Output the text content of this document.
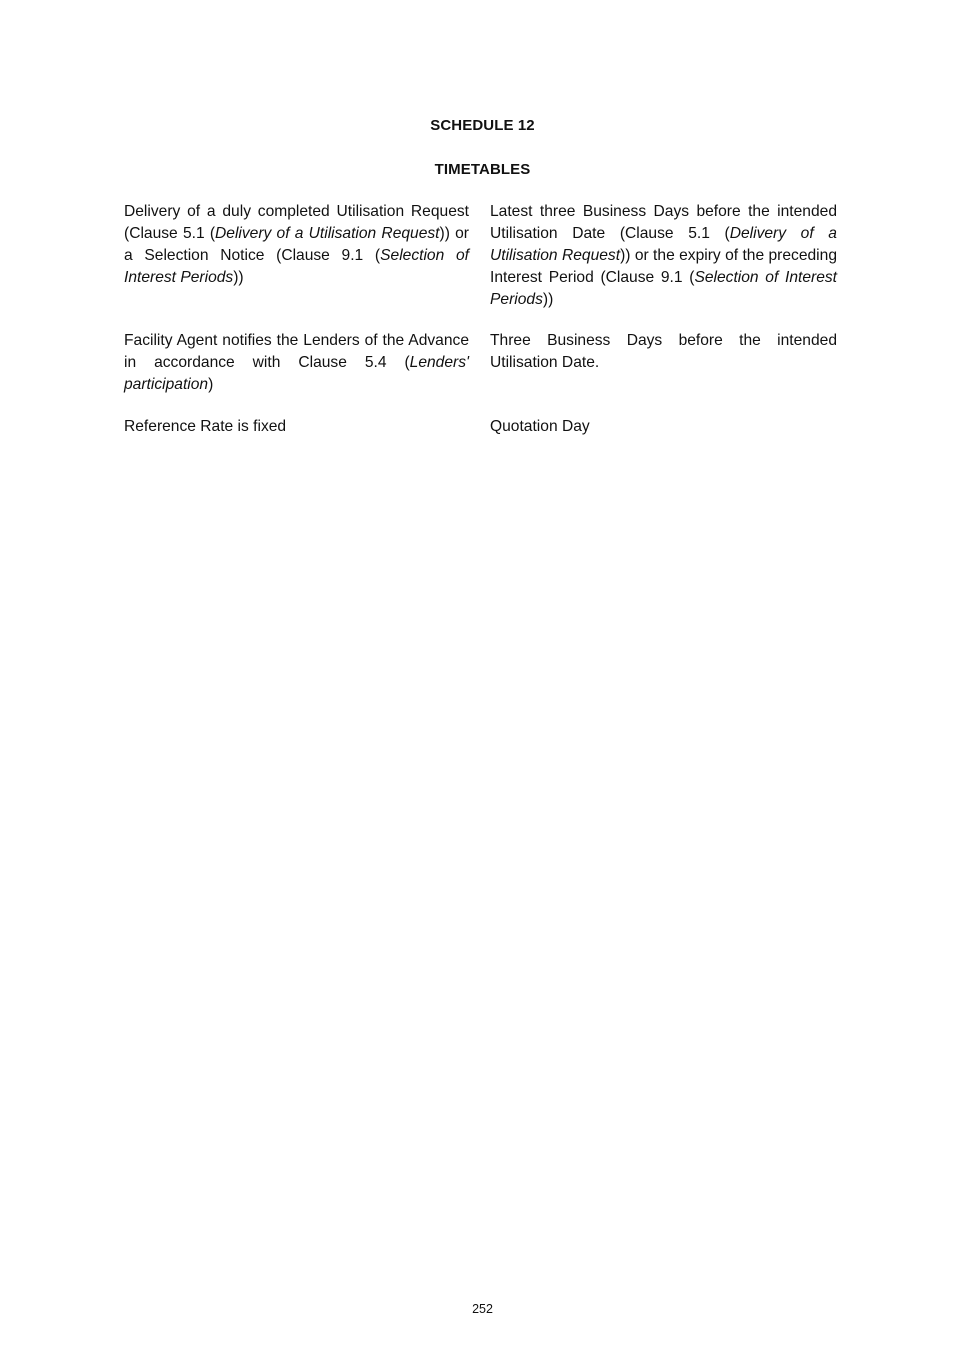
SCHEDULE 12
TIMETABLES
Delivery of a duly completed Utilisation Request (Clause 5.1 (Delivery of a Utilisation Request)) or a Selection Notice (Clause 9.1 (Selection of Interest Periods))
Latest three Business Days before the intended Utilisation Date (Clause 5.1 (Delivery of a Utilisation Request)) or the expiry of the preceding Interest Period (Clause 9.1 (Selection of Interest Periods))
Facility Agent notifies the Lenders of the Advance in accordance with Clause 5.4 (Lenders' participation)
Three Business Days before the intended Utilisation Date.
Reference Rate is fixed	Quotation Day
252
